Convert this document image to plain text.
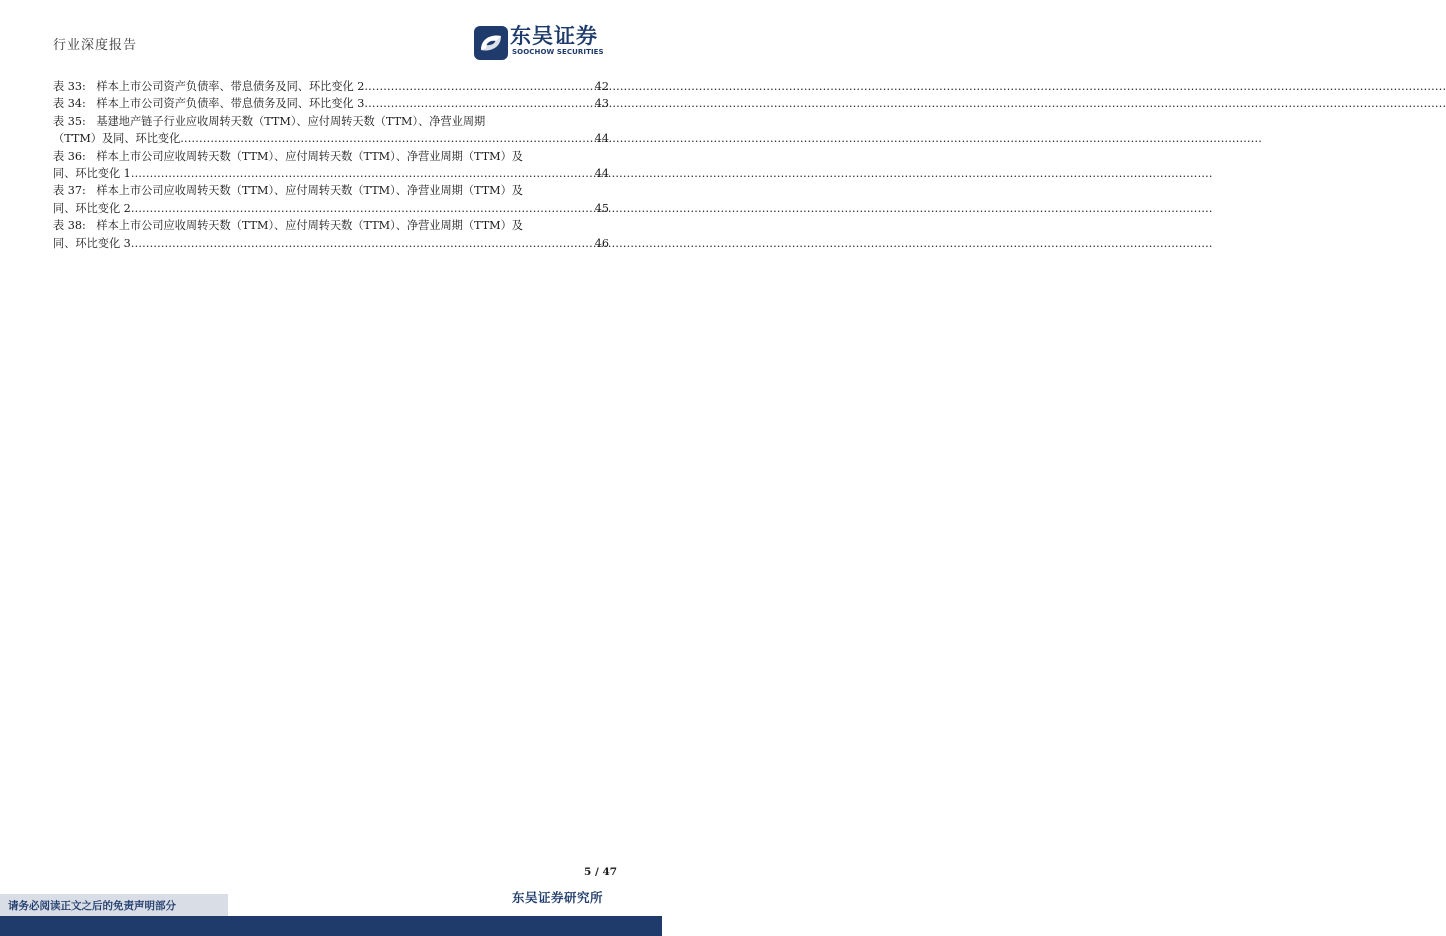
行业深度报告	东吴证券
SOOCHOW SECURITIES
表 33: 样本上市公司资产负债率、带息债务及同、环比变化 2 .....	42
表 34: 样本上市公司资产负债率、带息债务及同、环比变化 3 .....	43
表 35: 基建地产链子行业应收周转天数（TTM）、应付周转天数（TTM）、净营业周期
（TTM）及同、环比变化 .....	44
表 36: 样本上市公司应收周转天数（TTM）、应付周转天数（TTM）、净营业周期（TTM）及
同、环比变化 1 .....	44
表 37: 样本上市公司应收周转天数（TTM）、应付周转天数（TTM）、净营业周期（TTM）及
同、环比变化 2 .....	45
表 38: 样本上市公司应收周转天数（TTM）、应付周转天数（TTM）、净营业周期（TTM）及
同、环比变化 3 .....	46
5 / 47
请务必阅读正文之后的免责声明部分
东吴证券研究所
